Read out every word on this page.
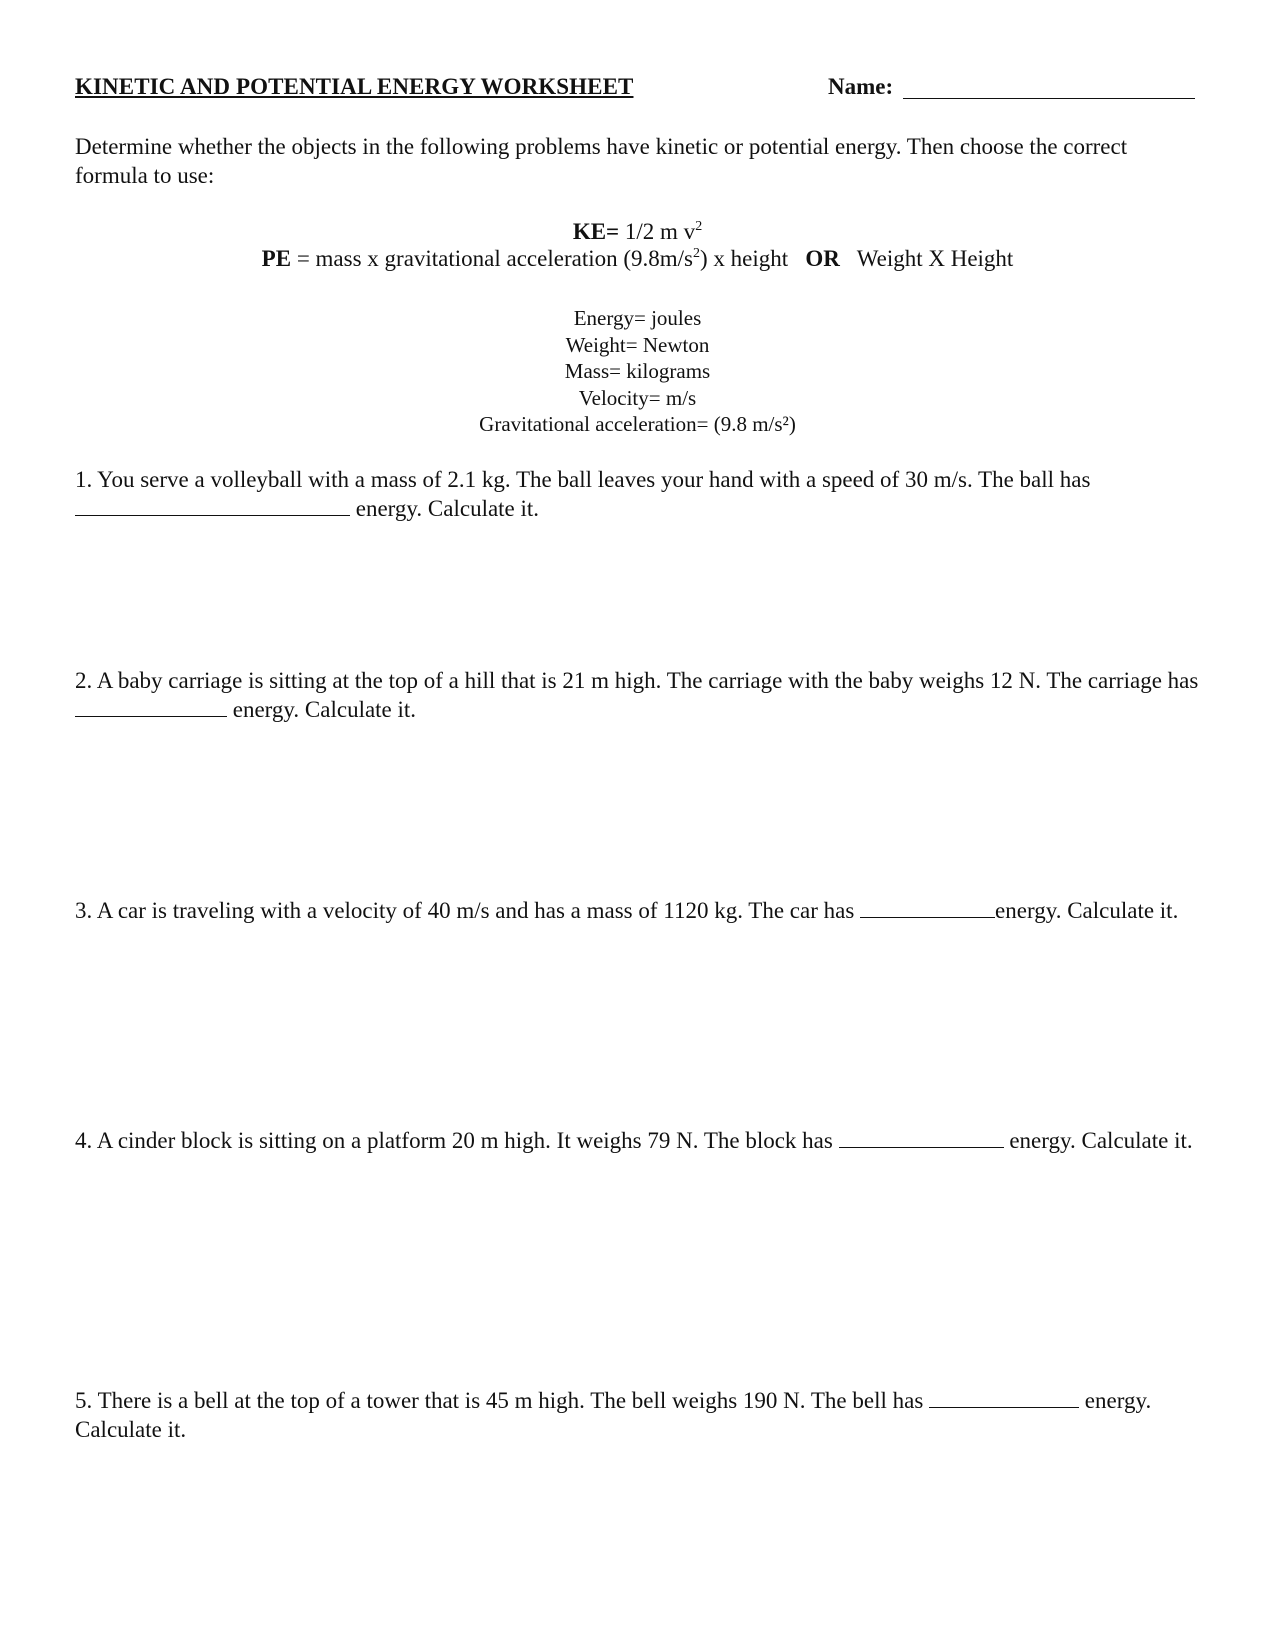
KINETIC AND POTENTIAL ENERGY WORKSHEET	Name:
Determine whether the objects in the following problems have kinetic or potential energy. Then choose the correct formula to use:
KE= 1/2 m $v^2$
PE = mass x gravitational acceleration $(9.8m/s^2)$ x height OR Weight X Height
Energy= joules
Weight= Newton
Mass= kilograms
Velocity= m/s
Gravitational acceleration= (9.8 m/s²)
1. You serve a volleyball with a mass of 2.1 kg. The ball leaves your hand with a speed of 30 m/s. The ball has
energy. Calculate it.
2. A baby carriage is sitting at the top of a hill that is 21 m high. The carriage with the baby weighs 12 N. The carriage has  energy. Calculate it.
3. A car is traveling with a velocity of 40 m/s and has a mass of 1120 kg. The car has	energy. Calculate it.
4. A cinder block is sitting on a platform 20 m high. It weighs 79 N. The block has	energy. Calculate it.
5. There is a bell at the top of a tower that is 45 m high. The bell weighs 190 N. The bell has	energy. Calculate it.
